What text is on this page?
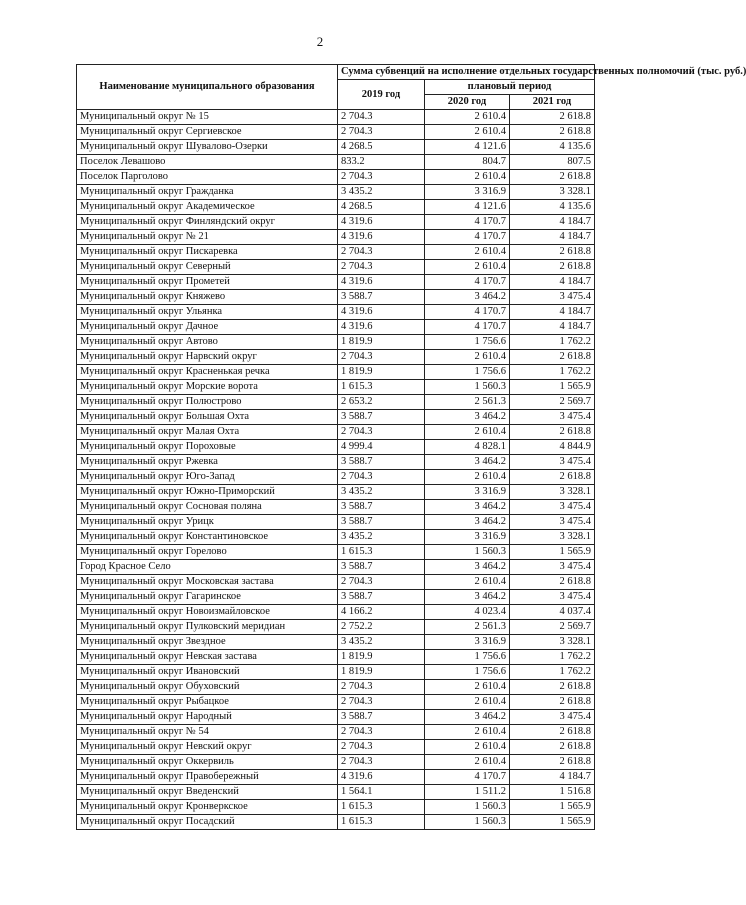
2
Наименование муниципального образования	Сумма субвенций на исполнение отдельных государственных полномочий (тыс. руб.)		
	2019 год	плановый период	
		2020 год	2021 год
Муниципальный округ № 15	2 704.3	2 610.4	2 618.8
Муниципальный округ Сергиевское	2 704.3	2 610.4	2 618.8
Муниципальный округ Шувалово-Озерки	4 268.5	4 121.6	4 135.6
Поселок Левашово	833.2	804.7	807.5
Поселок Парголово	2 704.3	2 610.4	2 618.8
Муниципальный округ Гражданка	3 435.2	3 316.9	3 328.1
Муниципальный округ Академическое	4 268.5	4 121.6	4 135.6
Муниципальный округ Финляндский округ	4 319.6	4 170.7	4 184.7
Муниципальный округ № 21	4 319.6	4 170.7	4 184.7
Муниципальный округ Пискаревка	2 704.3	2 610.4	2 618.8
Муниципальный округ Северный	2 704.3	2 610.4	2 618.8
Муниципальный округ Прометей	4 319.6	4 170.7	4 184.7
Муниципальный округ Княжево	3 588.7	3 464.2	3 475.4
Муниципальный округ Ульянка	4 319.6	4 170.7	4 184.7
Муниципальный округ Дачное	4 319.6	4 170.7	4 184.7
Муниципальный округ Автово	1 819.9	1 756.6	1 762.2
Муниципальный округ Нарвский округ	2 704.3	2 610.4	2 618.8
Муниципальный округ Красненькая речка	1 819.9	1 756.6	1 762.2
Муниципальный округ Морские ворота	1 615.3	1 560.3	1 565.9
Муниципальный округ Полюстрово	2 653.2	2 561.3	2 569.7
Муниципальный округ Большая Охта	3 588.7	3 464.2	3 475.4
Муниципальный округ Малая Охта	2 704.3	2 610.4	2 618.8
Муниципальный округ Пороховые	4 999.4	4 828.1	4 844.9
Муниципальный округ Ржевка	3 588.7	3 464.2	3 475.4
Муниципальный округ Юго-Запад	2 704.3	2 610.4	2 618.8
Муниципальный округ Южно-Приморский	3 435.2	3 316.9	3 328.1
Муниципальный округ Сосновая поляна	3 588.7	3 464.2	3 475.4
Муниципальный округ Урицк	3 588.7	3 464.2	3 475.4
Муниципальный округ Константиновское	3 435.2	3 316.9	3 328.1
Муниципальный округ Горелово	1 615.3	1 560.3	1 565.9
Город Красное Село	3 588.7	3 464.2	3 475.4
Муниципальный округ Московская застава	2 704.3	2 610.4	2 618.8
Муниципальный округ Гагаринское	3 588.7	3 464.2	3 475.4
Муниципальный округ Новоизмайловское	4 166.2	4 023.4	4 037.4
Муниципальный округ Пулковский меридиан	2 752.2	2 561.3	2 569.7
Муниципальный округ Звездное	3 435.2	3 316.9	3 328.1
Муниципальный округ Невская застава	1 819.9	1 756.6	1 762.2
Муниципальный округ Ивановский	1 819.9	1 756.6	1 762.2
Муниципальный округ Обуховский	2 704.3	2 610.4	2 618.8
Муниципальный округ Рыбацкое	2 704.3	2 610.4	2 618.8
Муниципальный округ Народный	3 588.7	3 464.2	3 475.4
Муниципальный округ № 54	2 704.3	2 610.4	2 618.8
Муниципальный округ Невский округ	2 704.3	2 610.4	2 618.8
Муниципальный округ Оккервиль	2 704.3	2 610.4	2 618.8
Муниципальный округ Правобережный	4 319.6	4 170.7	4 184.7
Муниципальный округ Введенский	1 564.1	1 511.2	1 516.8
Муниципальный округ Кронверкское	1 615.3	1 560.3	1 565.9
Муниципальный округ Посадский	1 615.3	1 560.3	1 565.9
